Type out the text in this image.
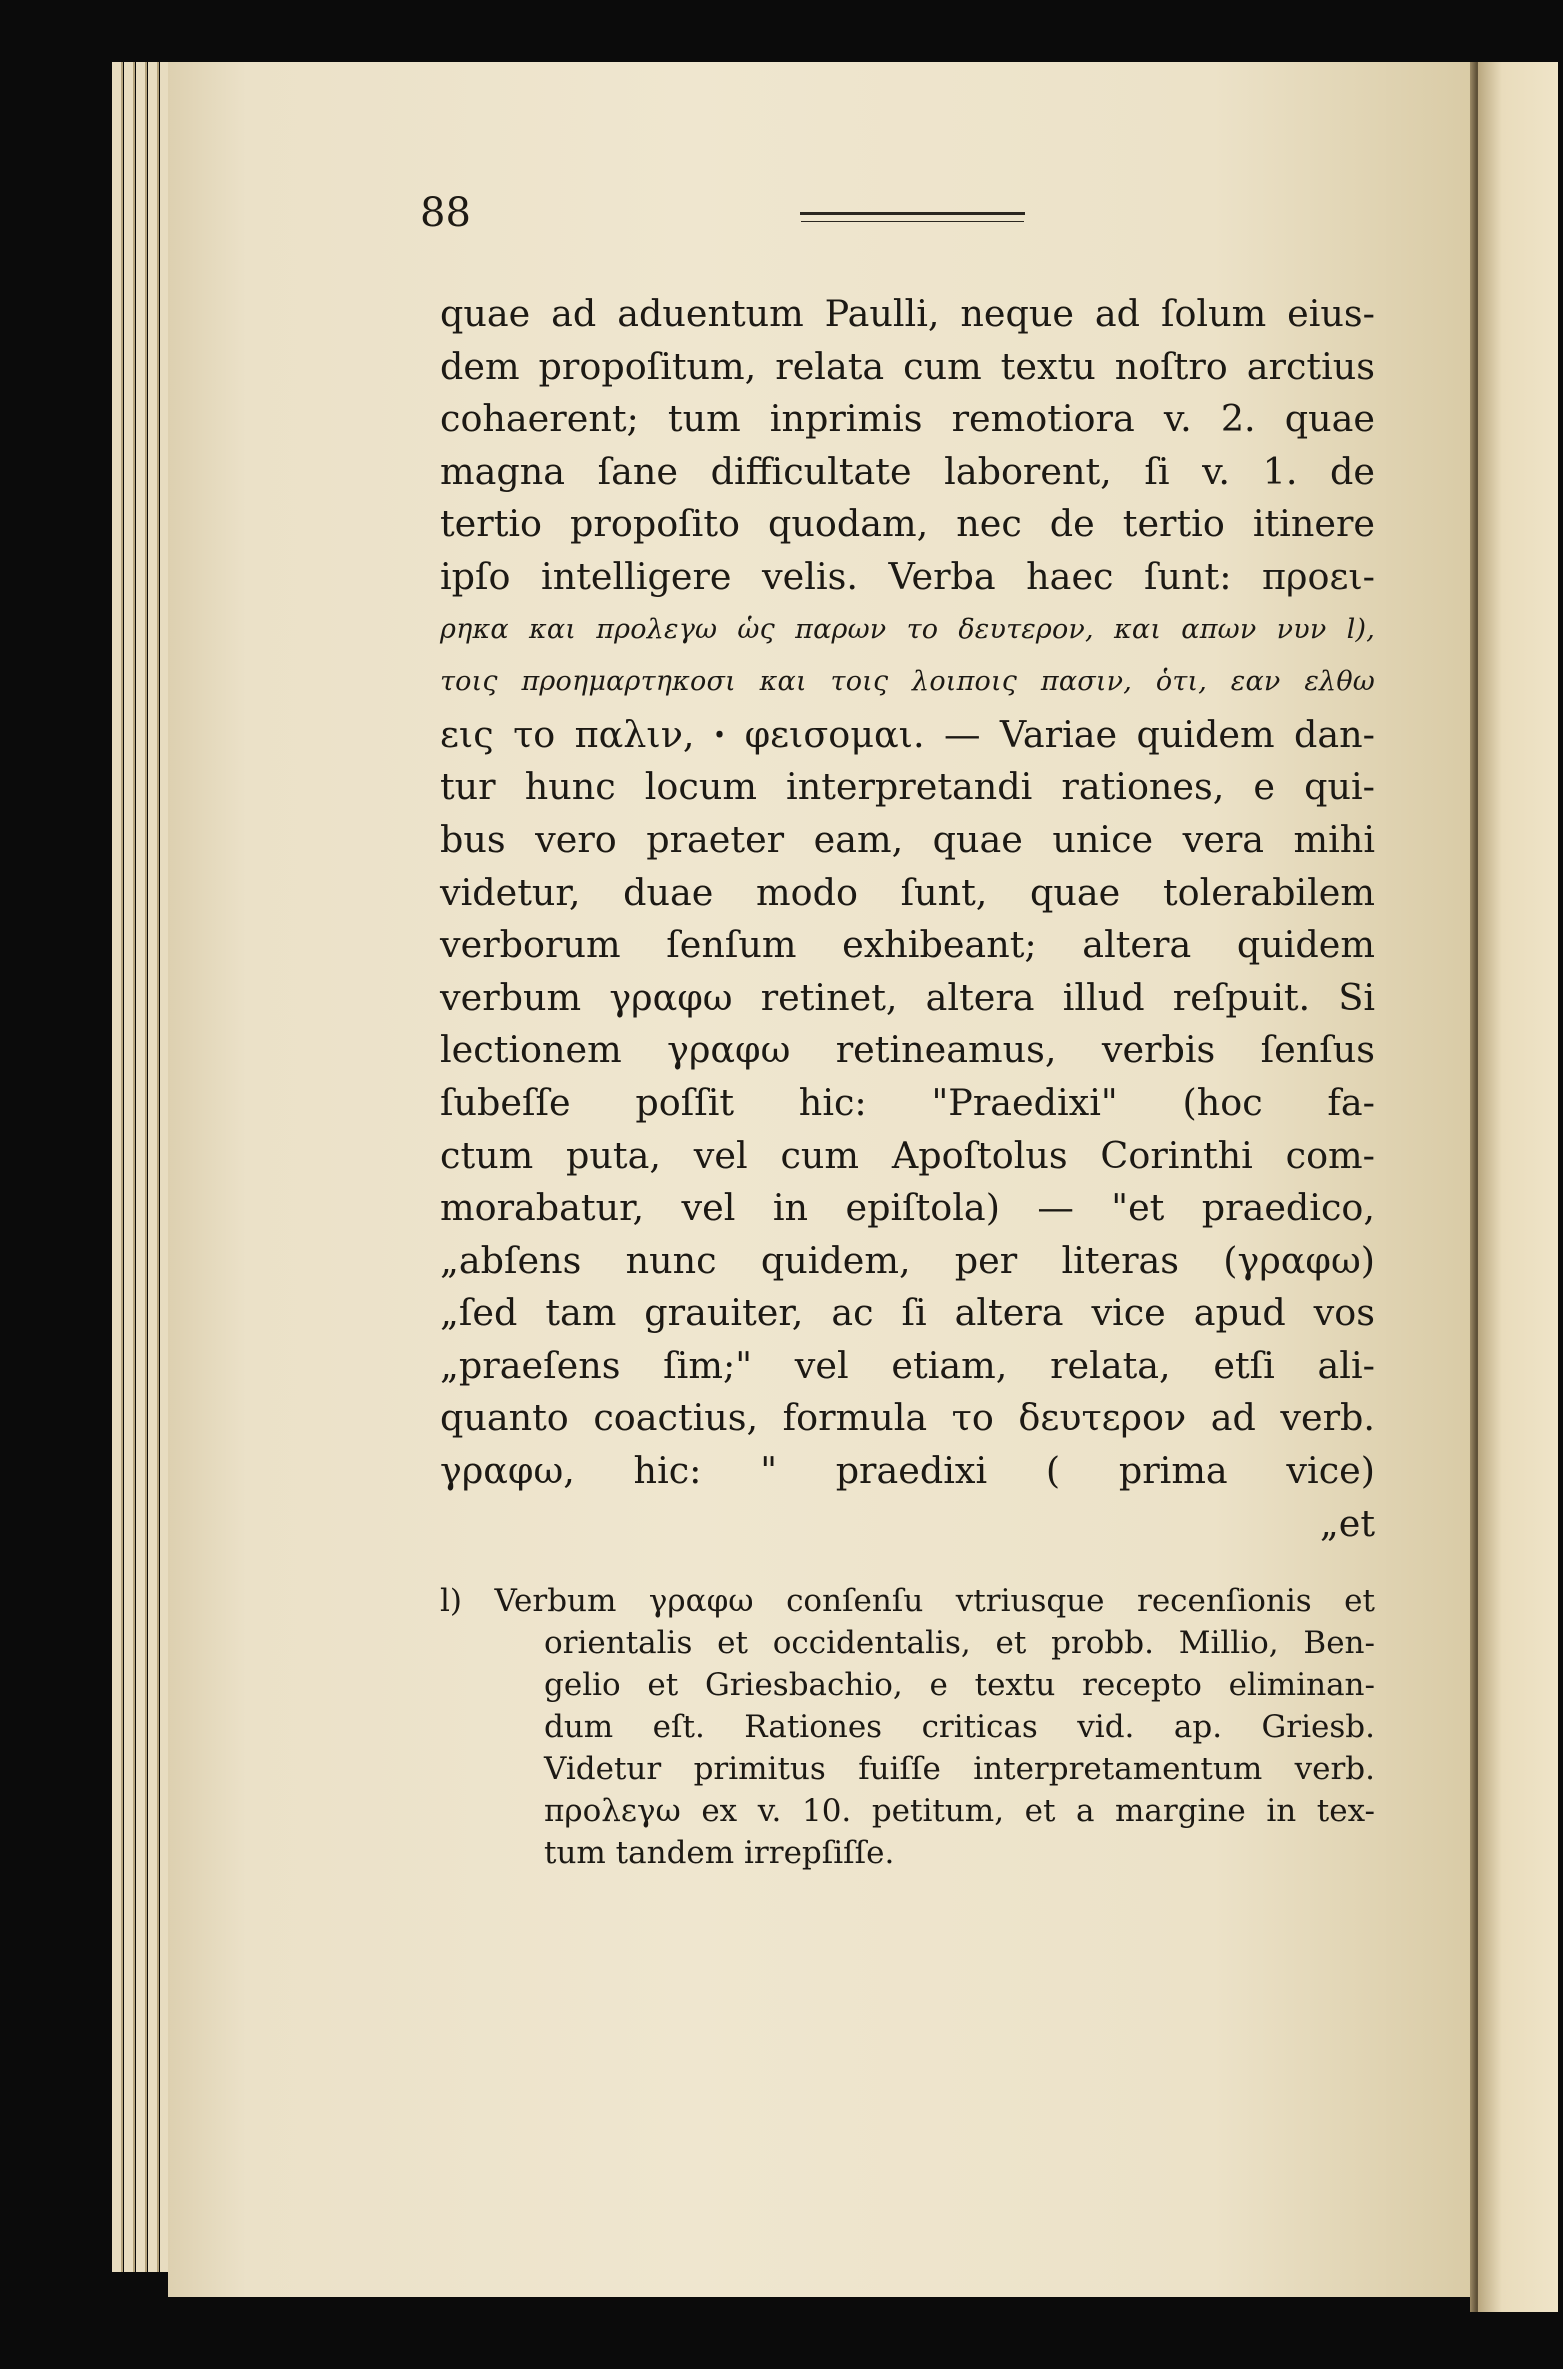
88
quae ad aduentum Paulli, neque ad ſolum eius-
dem propoſitum, relata cum textu noſtro arctius
cohaerent; tum inprimis remotiora v. 2. quae
magna ſane difficultate laborent, ſi v. 1. de
tertio propoſito quodam, nec de tertio itinere
ipſo intelligere velis. Verba haec ſunt: προει-
ρηκα και προλεγω ὡς παρων το δευτερον, και απων νυν l),
τοις προημαρτηκοσι και τοις λοιποις πασιν, ὁτι, εαν ελθω
εις το παλιν, ꞏ φεισομαι. — Variae quidem dan-
tur hunc locum interpretandi rationes, e qui-
bus vero praeter eam, quae unice vera mihi
videtur, duae modo ſunt, quae tolerabilem
verborum ſenſum exhibeant; altera quidem
verbum γραφω retinet, altera illud reſpuit. Si
lectionem γραφω retineamus, verbis ſenſus
ſubeſſe poſſit hic: "Praedixi" (hoc fa-
ctum puta, vel cum Apoſtolus Corinthi com-
morabatur, vel in epiſtola) — "et praedico,
„abſens nunc quidem, per literas (γραφω)
„ſed tam grauiter, ac ſi altera vice apud vos
„praeſens ſim;" vel etiam, relata, etſi ali-
quanto coactius, formula το δευτερον ad verb.
γραφω, hic: " praedixi ( prima vice)
„et
l) Verbum γραφω conſenſu vtriusque recenſionis et
orientalis et occidentalis, et probb. Millio, Ben-
gelio et Griesbachio, e textu recepto eliminan-
dum eſt. Rationes criticas vid. ap. Griesb.
Videtur primitus fuiſſe interpretamentum verb.
προλεγω ex v. 10. petitum, et a margine in tex-
tum tandem irrepſiſſe.
